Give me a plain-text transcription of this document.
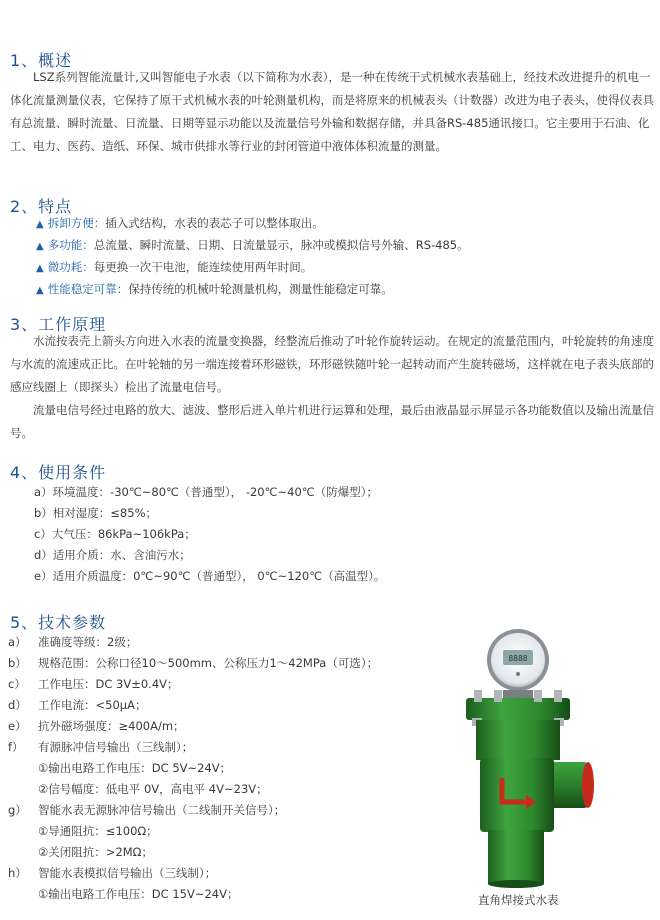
1、概述
LSZ系列智能流量计,又叫智能电子水表（以下简称为水表），是一种在传统干式机械水表基础上，经技术改进提升的机电一体化流量测量仪表，它保持了原干式机械水表的叶轮测量机构，而是将原来的机械表头（计数器）改进为电子表头，使得仪表具有总流量、瞬时流量、日流量、日期等显示功能以及流量信号外输和数据存储，并具备RS-485通讯接口。它主要用于石油、化工、电力、医药、造纸、环保、城市供排水等行业的封闭管道中液体体积流量的测量。
2、特点
▲ 拆卸方便：插入式结构，水表的表芯子可以整体取出。
▲ 多功能：总流量、瞬时流量、日期、日流量显示，脉冲或模拟信号外输、RS-485。
▲ 微功耗：每更换一次干电池，能连续使用两年时间。
▲ 性能稳定可靠：保持传统的机械叶轮测量机构，测量性能稳定可靠。
3、工作原理
水流按表壳上箭头方向进入水表的流量变换器，经整流后推动了叶轮作旋转运动。在规定的流量范围内，叶轮旋转的角速度与水流的流速成正比。在叶轮轴的另一端连接着环形磁铁，环形磁铁随叶轮一起转动而产生旋转磁场，这样就在电子表头底部的感应线圈上（即探头）检出了流量电信号。
流量电信号经过电路的放大、滤波、整形后进入单片机进行运算和处理，最后由液晶显示屏显示各功能数值以及输出流量信号。
4、使用条件
a）环境温度：-30℃~80℃（普通型）， -20℃~40℃（防爆型）；
b）相对湿度：≤85%；
c）大气压：86kPa~106kPa；
d）适用介质：水、含油污水；
e）适用介质温度：0℃~90℃（普通型）， 0℃~120℃（高温型）。
5、技术参数
a） 准确度等级：2级；
b） 规格范围：公称口径10～500mm、公称压力1～42MPa（可选）；
c） 工作电压：DC 3V±0.4V；
d） 工作电流：<50μA；
e） 抗外磁场强度：≥400A/m；
f） 有源脉冲信号输出（三线制）；
①输出电路工作电压：DC 5V~24V；
②信号幅度：低电平 0V，高电平 4V~23V；
g） 智能水表无源脉冲信号输出（二线制开关信号）；
①导通阻抗：≤100Ω；
②关闭阻抗：>2MΩ；
h） 智能水表模拟信号输出（三线制）；
①输出电路工作电压：DC 15V~24V；
8888
直角焊接式水表
